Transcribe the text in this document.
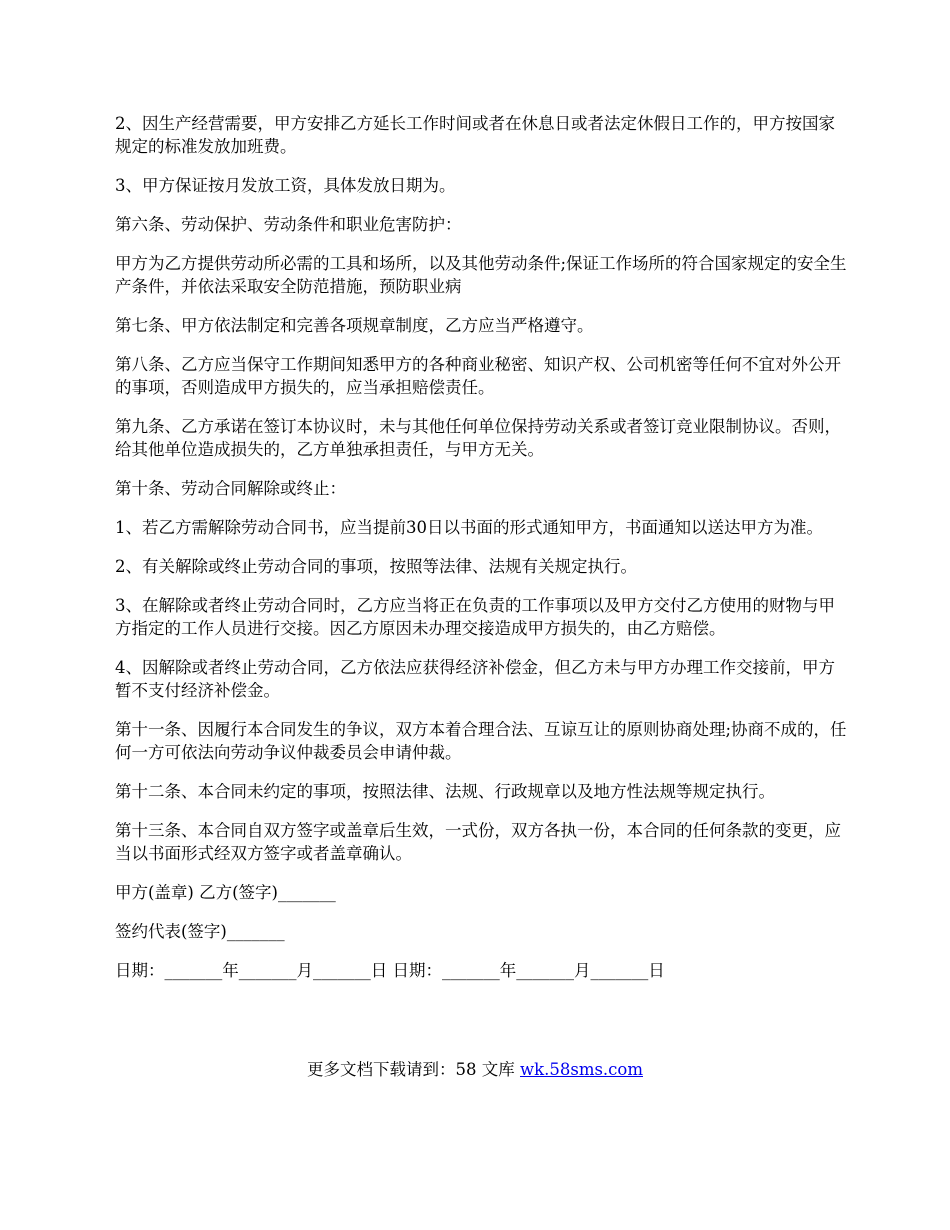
2、因生产经营需要，甲方安排乙方延长工作时间或者在休息日或者法定休假日工作的，甲方按国家规定的标准发放加班费。

3、甲方保证按月发放工资，具体发放日期为。

第六条、劳动保护、劳动条件和职业危害防护：

甲方为乙方提供劳动所必需的工具和场所，以及其他劳动条件;保证工作场所的符合国家规定的安全生产条件，并依法采取安全防范措施，预防职业病

第七条、甲方依法制定和完善各项规章制度，乙方应当严格遵守。

第八条、乙方应当保守工作期间知悉甲方的各种商业秘密、知识产权、公司机密等任何不宜对外公开的事项，否则造成甲方损失的，应当承担赔偿责任。

第九条、乙方承诺在签订本协议时，未与其他任何单位保持劳动关系或者签订竞业限制协议。否则，给其他单位造成损失的，乙方单独承担责任，与甲方无关。

第十条、劳动合同解除或终止：

1、若乙方需解除劳动合同书，应当提前30日以书面的形式通知甲方，书面通知以送达甲方为准。

2、有关解除或终止劳动合同的事项，按照等法律、法规有关规定执行。

3、在解除或者终止劳动合同时，乙方应当将正在负责的工作事项以及甲方交付乙方使用的财物与甲方指定的工作人员进行交接。因乙方原因未办理交接造成甲方损失的，由乙方赔偿。

4、因解除或者终止劳动合同，乙方依法应获得经济补偿金，但乙方未与甲方办理工作交接前，甲方暂不支付经济补偿金。

第十一条、因履行本合同发生的争议，双方本着合理合法、互谅互让的原则协商处理;协商不成的，任何一方可依法向劳动争议仲裁委员会申请仲裁。

第十二条、本合同未约定的事项，按照法律、法规、行政规章以及地方性法规等规定执行。

第十三条、本合同自双方签字或盖章后生效，一式份，双方各执一份，本合同的任何条款的变更，应当以书面形式经双方签字或者盖章确认。

甲方(盖章) 乙方(签字)_______

签约代表(签字)_______

日期：_______年_______月_______日 日期：_______年_______月_______日

更多文档下载请到：58 文库 wk.58sms.com
